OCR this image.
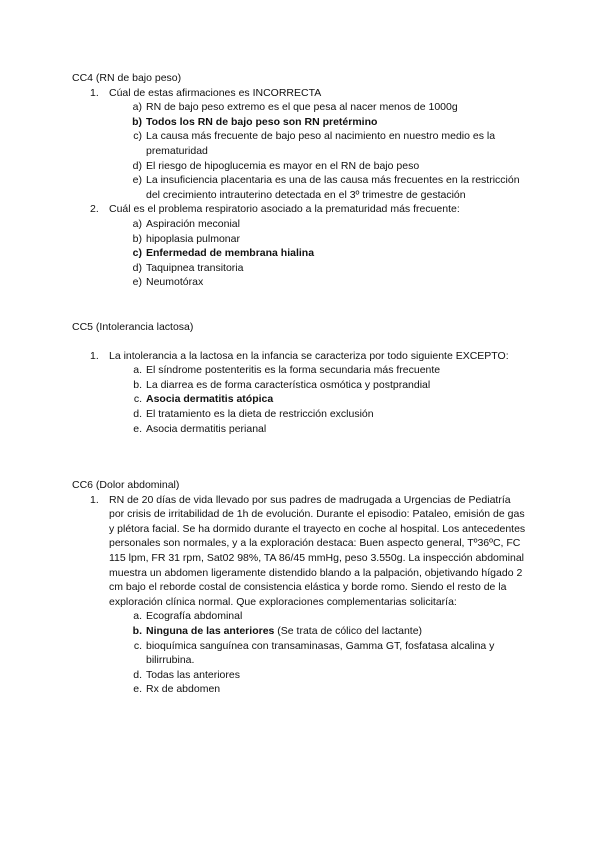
CC4 (RN de bajo peso)

1. Cúal de estas afirmaciones es INCORRECTA
a) RN de bajo peso extremo es el que pesa al nacer menos de 1000g
b) Todos los RN de bajo peso son RN pretérmino
c) La causa más frecuente de bajo peso al nacimiento en nuestro medio es la prematuridad
d) El riesgo de hipoglucemia es mayor en el RN de bajo peso
e) La insuficiencia placentaria es una de las causa más frecuentes en la restricción del crecimiento intrauterino detectada en el 3º trimestre de gestación
2. Cuál es el problema respiratorio asociado a la prematuridad más frecuente:
a) Aspiración meconial
b) hipoplasia pulmonar
c) Enfermedad de membrana hialina
d) Taquipnea transitoria
e) Neumotórax

CC5 (Intolerancia lactosa)

1. La intolerancia a la lactosa en la infancia se caracteriza por todo siguiente EXCEPTO:
a. El síndrome postenteritis es la forma secundaria más frecuente
b. La diarrea es de forma característica osmótica y postprandial
c. Asocia dermatitis atópica
d. El tratamiento es la dieta de restricción exclusión
e. Asocia dermatitis perianal

CC6 (Dolor abdominal)

1. RN de 20 días de vida llevado por sus padres de madrugada a Urgencias de Pediatría por crisis de irritabilidad de 1h de evolución. Durante el episodio: Pataleo, emisión de gas y plétora facial. Se ha dormido durante el trayecto en coche al hospital. Los antecedentes personales son normales, y a la exploración destaca: Buen aspecto general, Tº36ºC, FC 115 lpm, FR 31 rpm, Sat02 98%, TA 86/45 mmHg, peso 3.550g. La inspección abdominal muestra un abdomen ligeramente distendido blando a la palpación, objetivando hígado 2 cm bajo el reborde costal de consistencia elástica y borde romo. Siendo el resto de la exploración clínica normal. Que exploraciones complementarias solicitaría:
a. Ecografía abdominal
b. Ninguna de las anteriores (Se trata de cólico del lactante)
c. bioquímica sanguínea con transaminasas, Gamma GT, fosfatasa alcalina y bilirrubina.
d. Todas las anteriores
e. Rx de abdomen
